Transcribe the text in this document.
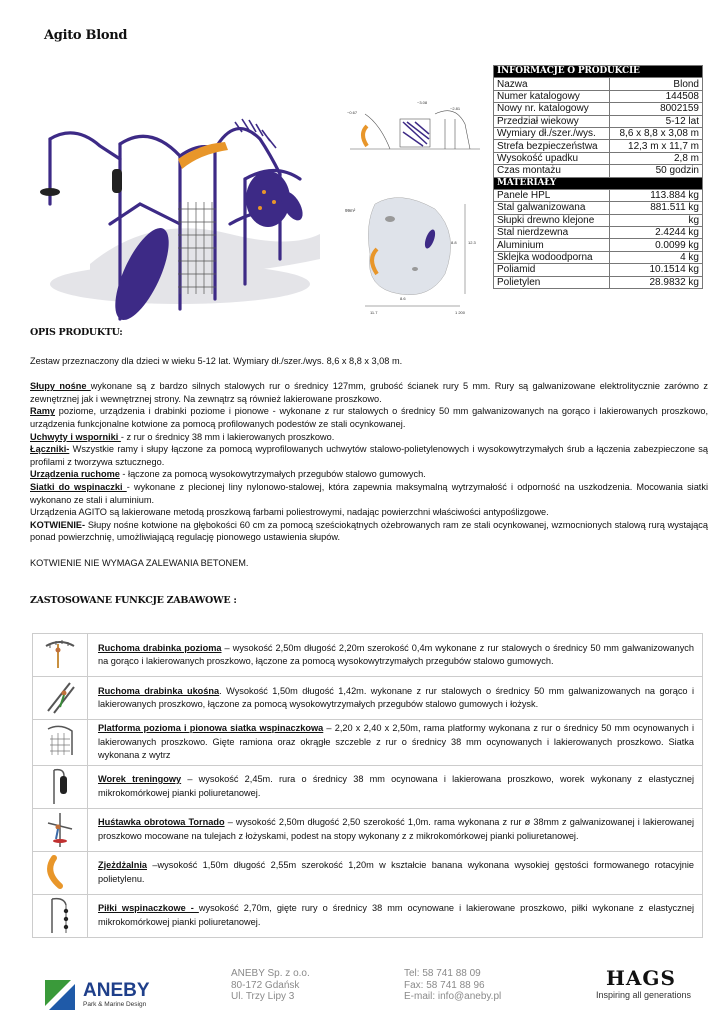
Agito Blond
~0.67
~3.08
~2.81
99m²
8.8	12.3
8.6
11.7	1 200
INFORMACJE O PRODUKCIE	
Nazwa	Blond
Numer katalogowy	144508
Nowy nr. katalogowy	8002159
Przedział wiekowy	5-12 lat
Wymiary dł./szer./wys.	8,6 x 8,8 x 3,08 m
Strefa bezpieczeństwa	12,3 m x 11,7 m
Wysokość upadku	2,8 m
Czas montażu	50 godzin
MATERIAŁY	
Panele HPL	113.884 kg
Stal galwanizowana	881.511 kg
Słupki drewno klejone	kg
Stal nierdzewna	2.4244 kg
Aluminium	0.0099 kg
Sklejka wodoodporna	4 kg
Poliamid	10.1514 kg
Polietylen	28.9832 kg
OPIS PRODUKTU:

Zestaw przeznaczony dla dzieci w wieku 5-12 lat. Wymiary dł./szer./wys. 8,6 x 8,8 x 3,08 m.

Słupy nośne wykonane są z bardzo silnych stalowych rur o średnicy 127mm, grubość ścianek rury 5 mm. Rury są galwanizowane elektrolitycznie zarówno z zewnętrznej jak i wewnętrznej strony. Na zewnątrz są również lakierowane proszkowo.

Ramy poziome, urządzenia i drabinki poziome i pionowe - wykonane z rur stalowych o średnicy 50 mm galwanizowanych na gorąco i lakierowanych proszkowo, urządzenia funkcjonalne kotwione za pomocą profilowanych podestów ze stali ocynkowanej.

Uchwyty i wsporniki - z rur o średnicy 38 mm i lakierowanych proszkowo.

Łączniki- Wszystkie ramy i słupy łączone za pomocą wyprofilowanych uchwytów stalowo-polietylenowych i wysokowytrzymałych śrub a łączenia zabezpieczone są profilami z tworzywa sztucznego.

Urządzenia ruchome - łączone za pomocą wysokowytrzymałych przegubów stalowo gumowych.

Siatki do wspinaczki - wykonane z plecionej liny nylonowo-stalowej, która zapewnia maksymalną wytrzymałość i odporność na uszkodzenia. Mocowania siatki wykonano ze stali i aluminium.

Urządzenia AGITO są lakierowane metodą proszkową farbami poliestrowymi, nadając powierzchni właściwości antypoślizgowe.

KOTWIENIE- Słupy nośne kotwione na głębokości 60 cm za pomocą sześciokątnych ożebrowanych ram ze stali ocynkowanej, wzmocnionych stalową rurą wystającą ponad powierzchnię, umożliwiającą regulację pionowego ustawienia słupów.

KOTWIENIE NIE WYMAGA ZALEWANIA BETONEM.

ZASTOSOWANE FUNKCJE ZABAWOWE :
	Ruchoma drabinka pozioma – wysokość 2,50m długość 2,20m szerokość 0,4m wykonane z rur stalowych o średnicy 50 mm galwanizowanych na gorąco i lakierowanych proszkowo, łączone za pomocą wysokowytrzymałych przegubów stalowo gumowych.
	Ruchoma drabinka ukośna. Wysokość 1,50m długość 1,42m. wykonane z rur stalowych o średnicy 50 mm galwanizowanych na gorąco i lakierowanych proszkowo, łączone za pomocą wysokowytrzymałych przegubów stalowo gumowych i łożysk.
	Platforma pozioma i pionowa siatka wspinaczkowa – 2,20 x 2,40 x 2,50m, rama platformy wykonana z rur o średnicy 50 mm ocynowanych i lakierowanych proszkowo. Gięte ramiona oraz okrągłe szczeble z rur o średnicy 38 mm ocynowanych i lakierowanych proszkowo. Siatka wykonana z wytrz
	Worek treningowy – wysokość 2,45m. rura o średnicy 38 mm ocynowana i lakierowana proszkowo, worek wykonany z elastycznej mikrokomórkowej pianki poliuretanowej.
	Huśtawka obrotowa Tornado – wysokość 2,50m długość 2,50 szerokość 1,0m. rama wykonana z rur ø 38mm z galwanizowanej i lakierowanej proszkowo mocowane na tulejach z łożyskami, podest na stopy wykonany z z mikrokomórkowej pianki poliuretanowej.
	Zjeżdżalnia –wysokość 1,50m długość 2,55m szerokość 1,20m w kształcie banana wykonana wysokiej gęstości formowanego rotacyjnie polietylenu.
	Piłki wspinaczkowe - wysokość 2,70m, gięte rury o średnicy 38 mm ocynowane i lakierowane proszkowo, piłki wykonane z elastycznej mikrokomórkowej pianki poliuretanowej.
ANEBY
Park & Marine Design
ANEBY Sp. z o.o.
80-172 Gdańsk
Ul. Trzy Lipy 3
Tel: 58 741 88 09
Fax: 58 741 88 96
E-mail: info@aneby.pl
HAGS
Inspiring all generations
